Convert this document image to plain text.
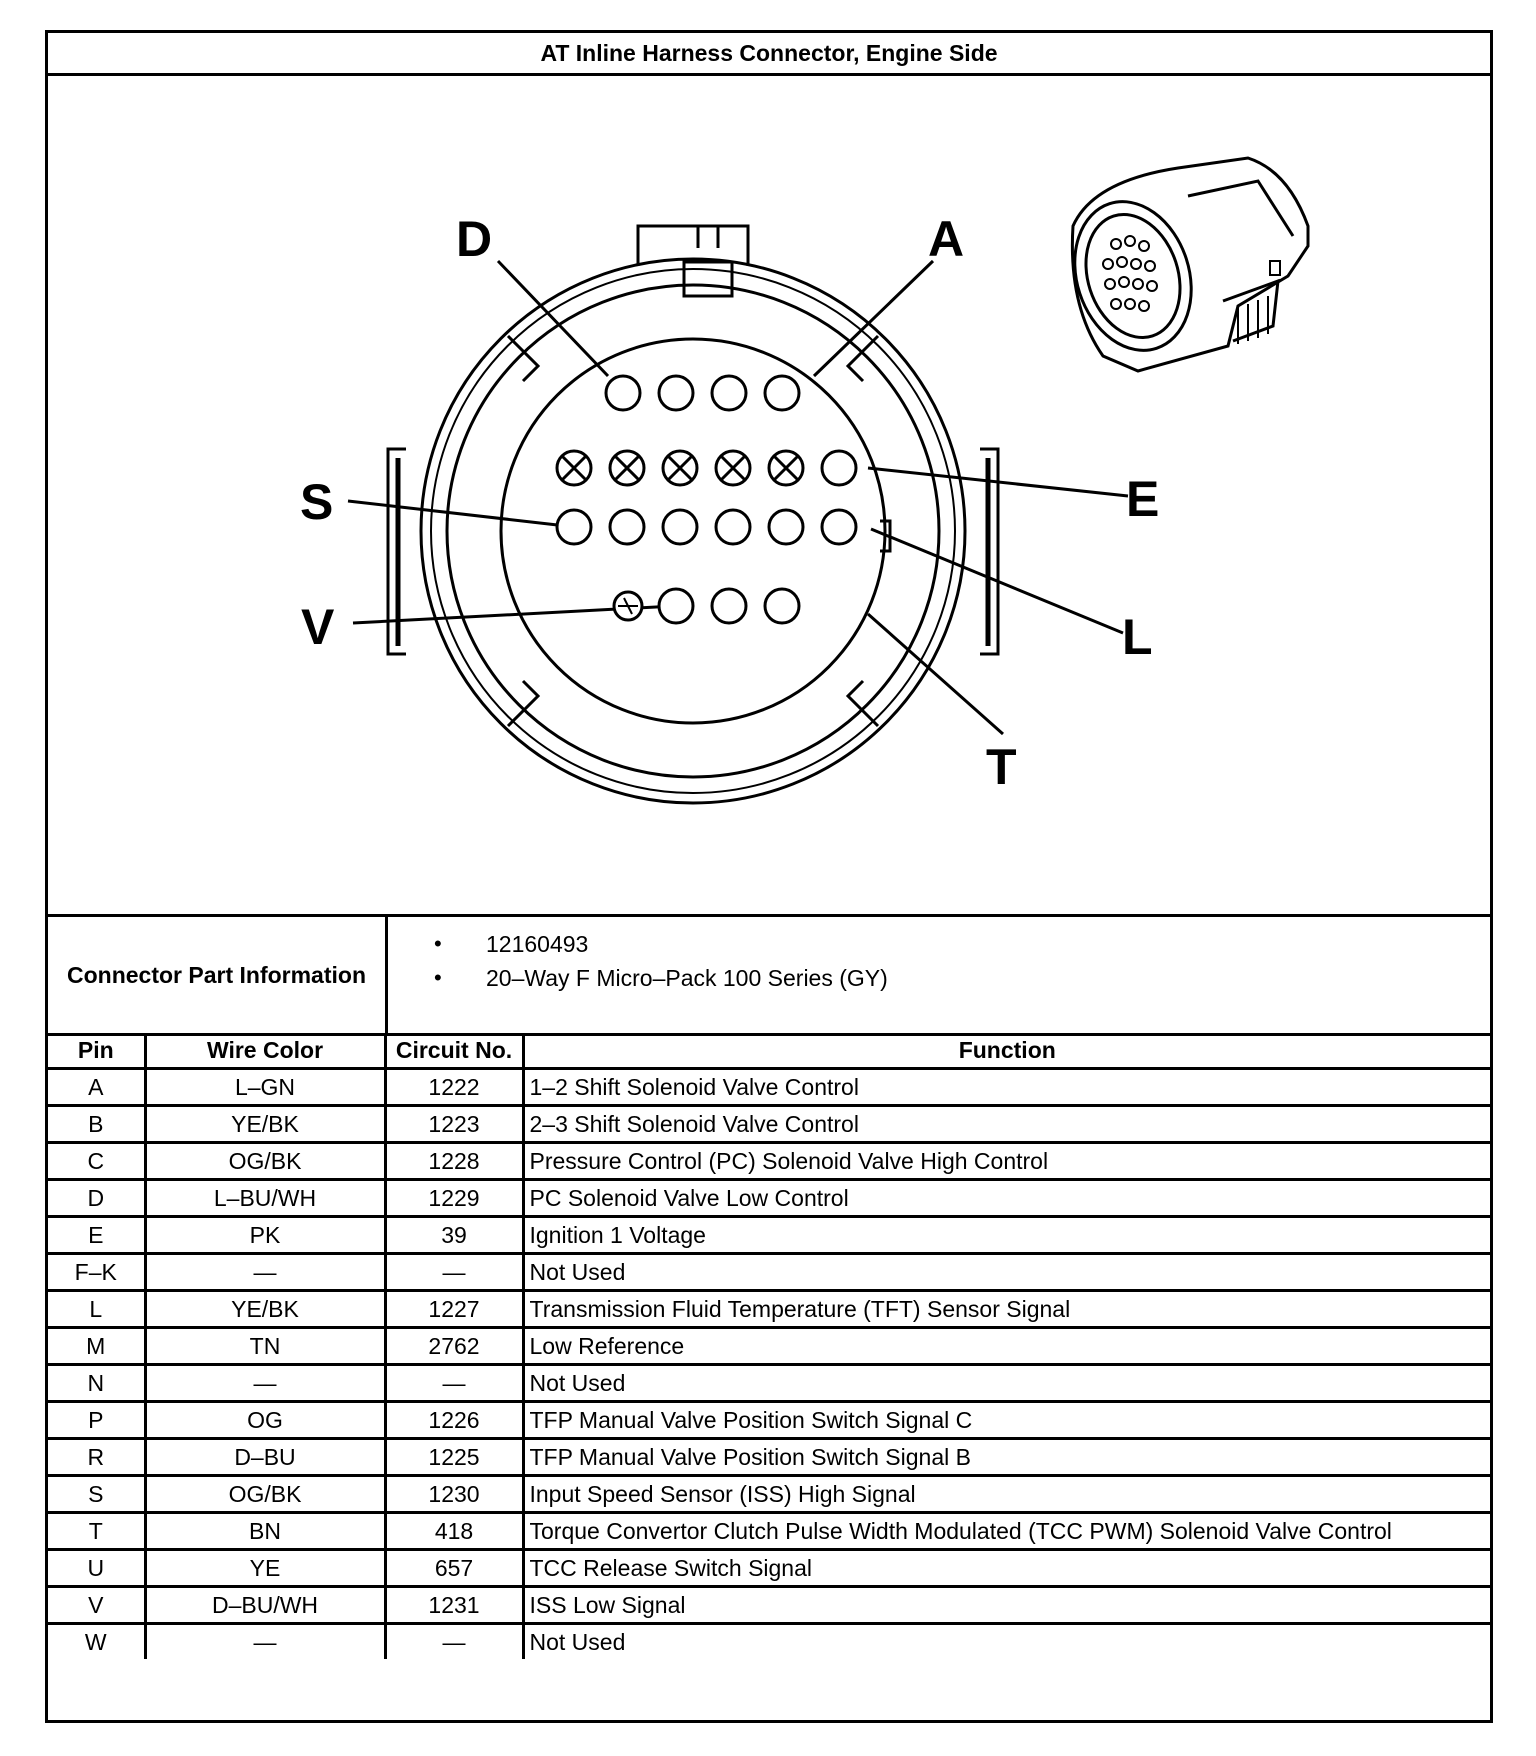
AT Inline Harness Connector, Engine Side
D	A
S	E
V	L
T
Connector Part Information
• 12160493
• 20–Way F Micro–Pack 100 Series (GY)
Pin	Wire Color	Circuit No.	Function
A	L–GN	1222	1–2 Shift Solenoid Valve Control
B	YE/BK	1223	2–3 Shift Solenoid Valve Control
C	OG/BK	1228	Pressure Control (PC) Solenoid Valve High Control
D	L–BU/WH	1229	PC Solenoid Valve Low Control
E	PK	39	Ignition 1 Voltage
F–K	—	—	Not Used
L	YE/BK	1227	Transmission Fluid Temperature (TFT) Sensor Signal
M	TN	2762	Low Reference
N	—	—	Not Used
P	OG	1226	TFP Manual Valve Position Switch Signal C
R	D–BU	1225	TFP Manual Valve Position Switch Signal B
S	OG/BK	1230	Input Speed Sensor (ISS) High Signal
T	BN	418	Torque Convertor Clutch Pulse Width Modulated (TCC PWM) Solenoid Valve Control
U	YE	657	TCC Release Switch Signal
V	D–BU/WH	1231	ISS Low Signal
W	—	—	Not Used
